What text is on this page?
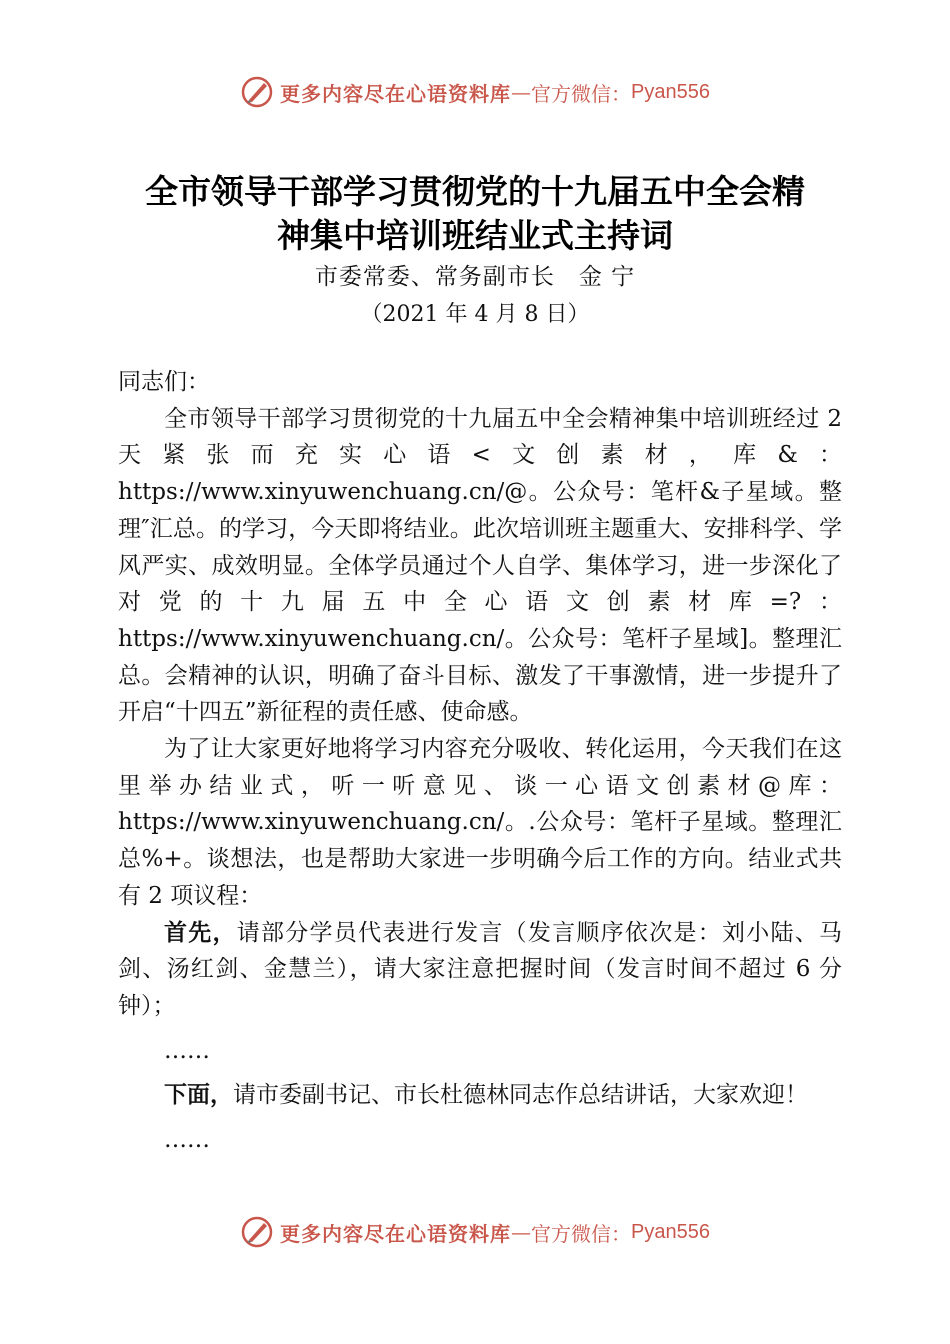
更多内容尽在心语资料库 — 官方微信： Pyan556
全市领导干部学习贯彻党的十九届五中全会精
神集中培训班结业式主持词
市委常委、常务副市长　金 宁
（2021 年 4 月 8 日）

同志们：

全市领导干部学习贯彻党的十九届五中全会精神集中培训班经过 2 天紧张而充实心语<文创素材，库&：https://www.xinyuwenchuang.cn/@。公众号：笔杆&子星域。整理″汇总。的学习，今天即将结业。此次培训班主题重大、安排科学、学风严实、成效明显。全体学员通过个人自学、集体学习，进一步深化了对党的十九届五中全心语文创素材库=?：https://www.xinyuwenchuang.cn/。公众号：笔杆子星域]。整理汇总。会精神的认识，明确了奋斗目标、激发了干事激情，进一步提升了开启“十四五”新征程的责任感、使命感。

为了让大家更好地将学习内容充分吸收、转化运用，今天我们在这里举办结业式，听一听意见、谈一心语文创素材@库：https://www.xinyuwenchuang.cn/。.公众号：笔杆子星域。整理汇总%+。谈想法，也是帮助大家进一步明确今后工作的方向。结业式共有 2 项议程：

首先，请部分学员代表进行发言（发言顺序依次是：刘小陆、马剑、汤红剑、金慧兰），请大家注意把握时间（发言时间不超过 6 分钟）；

……

下面，请市委副书记、市长杜德林同志作总结讲话，大家欢迎！

……

更多内容尽在心语资料库 — 官方微信： Pyan556
